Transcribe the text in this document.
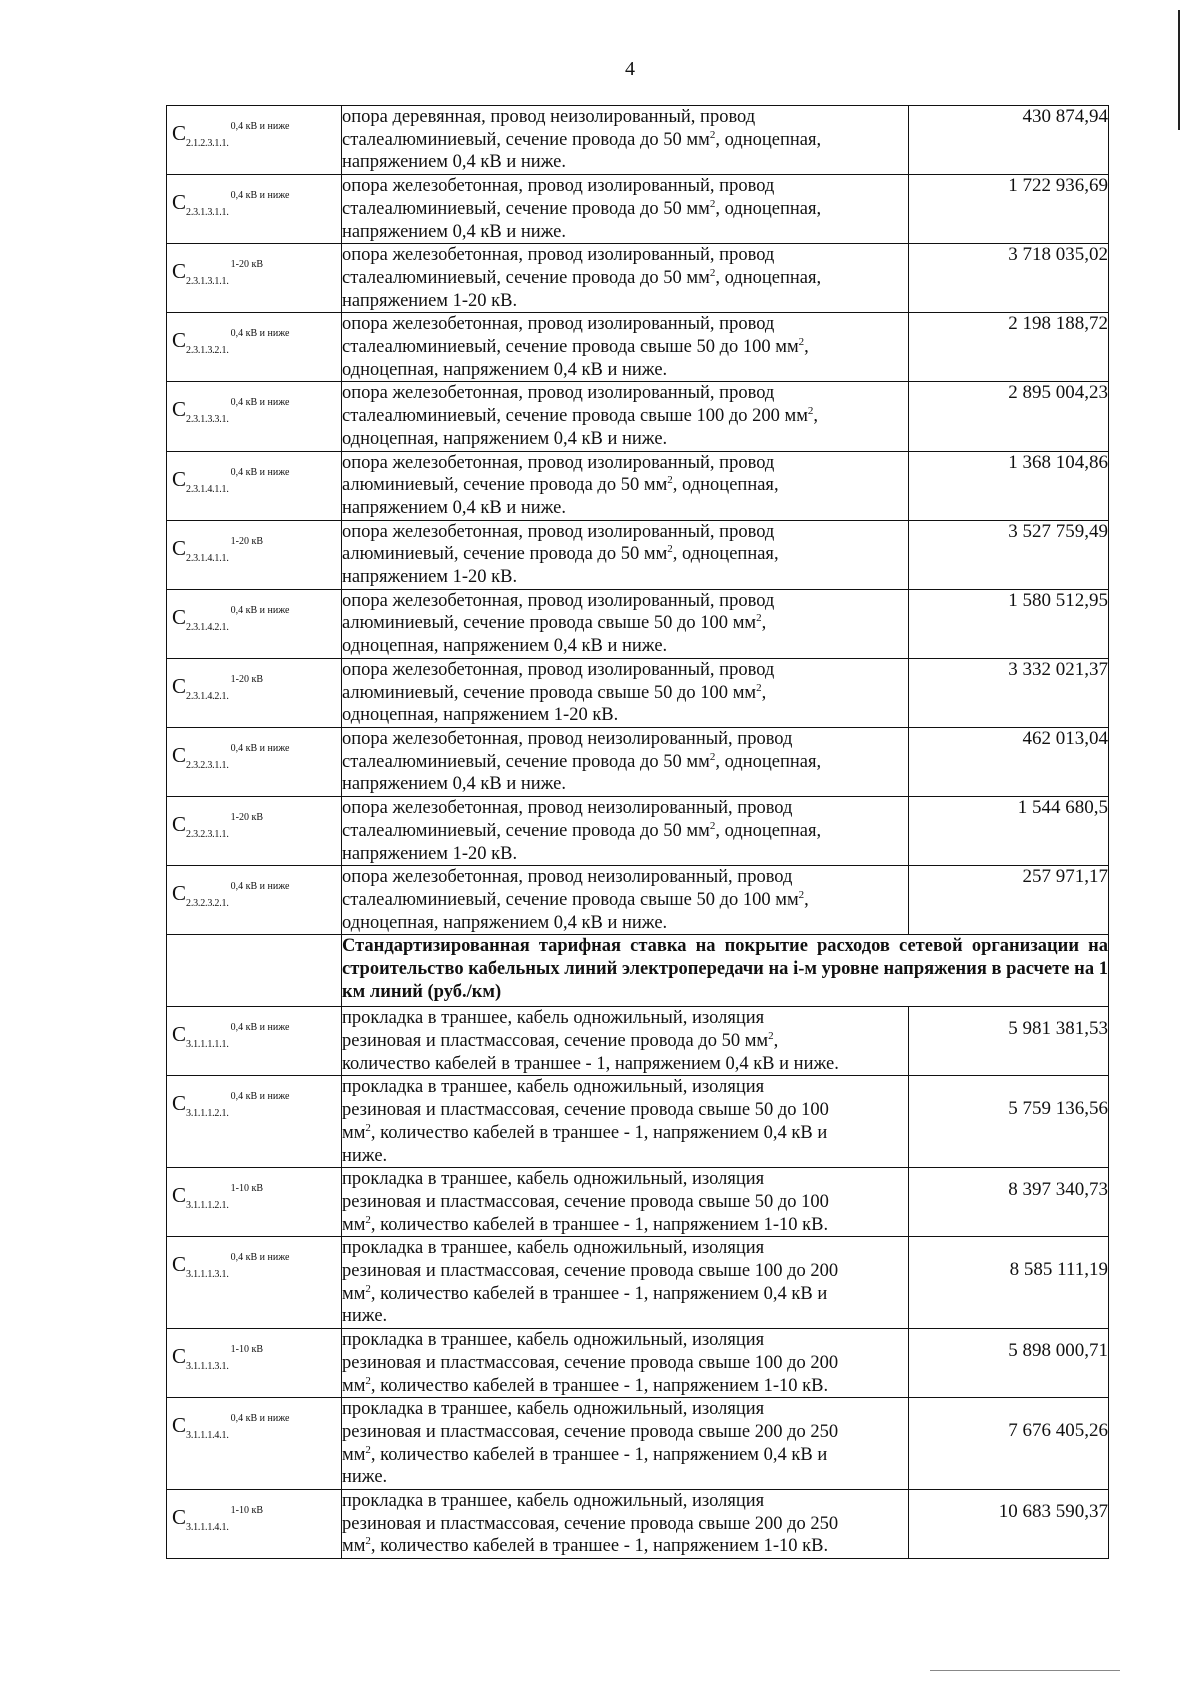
4
$С_{2.1.2.3.1.1.}^{0,4 кВ и ниже}$	опора деревянная, провод неизолированный, провод
сталеалюминиевый, сечение провода до 50 $мм^2$, одноцепная,
напряжением 0,4 кВ и ниже.	430 874,94

$С_{2.3.1.3.1.1.}^{0,4 кВ и ниже}$	опора железобетонная, провод изолированный, провод
сталеалюминиевый, сечение провода до 50 $мм^2$, одноцепная,
напряжением 0,4 кВ и ниже.	1 722 936,69

$С_{2.3.1.3.1.1.}^{1-20 кВ}$	опора железобетонная, провод изолированный, провод
сталеалюминиевый, сечение провода до 50 $мм^2$, одноцепная,
напряжением 1-20 кВ.	3 718 035,02

$С_{2.3.1.3.2.1.}^{0,4 кВ и ниже}$	опора железобетонная, провод изолированный, провод
сталеалюминиевый, сечение провода свыше 50 до 100 $мм^2$,
одноцепная, напряжением 0,4 кВ и ниже.	2 198 188,72

$С_{2.3.1.3.3.1.}^{0,4 кВ и ниже}$	опора железобетонная, провод изолированный, провод
сталеалюминиевый, сечение провода свыше 100 до 200 $мм^2$,
одноцепная, напряжением 0,4 кВ и ниже.	2 895 004,23

$С_{2.3.1.4.1.1.}^{0,4 кВ и ниже}$	опора железобетонная, провод изолированный, провод
алюминиевый, сечение провода до 50 $мм^2$, одноцепная,
напряжением 0,4 кВ и ниже.	1 368 104,86

$С_{2.3.1.4.1.1.}^{1-20 кВ}$	опора железобетонная, провод изолированный, провод
алюминиевый, сечение провода до 50 $мм^2$, одноцепная,
напряжением 1-20 кВ.	3 527 759,49

$С_{2.3.1.4.2.1.}^{0,4 кВ и ниже}$	опора железобетонная, провод изолированный, провод
алюминиевый, сечение провода свыше 50 до 100 $мм^2$,
одноцепная, напряжением 0,4 кВ и ниже.	1 580 512,95

$С_{2.3.1.4.2.1.}^{1-20 кВ}$	опора железобетонная, провод изолированный, провод
алюминиевый, сечение провода свыше 50 до 100 $мм^2$,
одноцепная, напряжением 1-20 кВ.	3 332 021,37

$С_{2.3.2.3.1.1.}^{0,4 кВ и ниже}$	опора железобетонная, провод неизолированный, провод
сталеалюминиевый, сечение провода до 50 $мм^2$, одноцепная,
напряжением 0,4 кВ и ниже.	462 013,04

$С_{2.3.2.3.1.1.}^{1-20 кВ}$	опора железобетонная, провод неизолированный, провод
сталеалюминиевый, сечение провода до 50 $мм^2$, одноцепная,
напряжением 1-20 кВ.	1 544 680,5

$С_{2.3.2.3.2.1.}^{0,4 кВ и ниже}$	опора железобетонная, провод неизолированный, провод
сталеалюминиевый, сечение провода свыше 50 до 100 $мм^2$,
одноцепная, напряжением 0,4 кВ и ниже.	257 971,17
	Стандартизированная тарифная ставка на покрытие расходов сетевой организации на строительство кабельных линий электропередачи на i-м уровне напряжения в расчете на 1 км линий (руб./км)	

$С_{3.1.1.1.1.1.}^{0,4 кВ и ниже}$	прокладка в траншее, кабель одножильный, изоляция
резиновая и пластмассовая, сечение провода до 50 $мм^2$,
количество кабелей в траншее - 1, напряжением 0,4 кВ и ниже.	5 981 381,53

$С_{3.1.1.1.2.1.}^{0,4 кВ и ниже}$	прокладка в траншее, кабель одножильный, изоляция
резиновая и пластмассовая, сечение провода свыше 50 до 100
$мм^2$, количество кабелей в траншее - 1, напряжением 0,4 кВ и
ниже.	5 759 136,56

$С_{3.1.1.1.2.1.}^{1-10 кВ}$	прокладка в траншее, кабель одножильный, изоляция
резиновая и пластмассовая, сечение провода свыше 50 до 100
$мм^2$, количество кабелей в траншее - 1, напряжением 1-10 кВ.	8 397 340,73

$С_{3.1.1.1.3.1.}^{0,4 кВ и ниже}$	прокладка в траншее, кабель одножильный, изоляция
резиновая и пластмассовая, сечение провода свыше 100 до 200
$мм^2$, количество кабелей в траншее - 1, напряжением 0,4 кВ и
ниже.	8 585 111,19

$С_{3.1.1.1.3.1.}^{1-10 кВ}$	прокладка в траншее, кабель одножильный, изоляция
резиновая и пластмассовая, сечение провода свыше 100 до 200
$мм^2$, количество кабелей в траншее - 1, напряжением 1-10 кВ.	5 898 000,71

$С_{3.1.1.1.4.1.}^{0,4 кВ и ниже}$	прокладка в траншее, кабель одножильный, изоляция
резиновая и пластмассовая, сечение провода свыше 200 до 250
$мм^2$, количество кабелей в траншее - 1, напряжением 0,4 кВ и
ниже.	7 676 405,26

$С_{3.1.1.1.4.1.}^{1-10 кВ}$	прокладка в траншее, кабель одножильный, изоляция
резиновая и пластмассовая, сечение провода свыше 200 до 250
$мм^2$, количество кабелей в траншее - 1, напряжением 1-10 кВ.	10 683 590,37
